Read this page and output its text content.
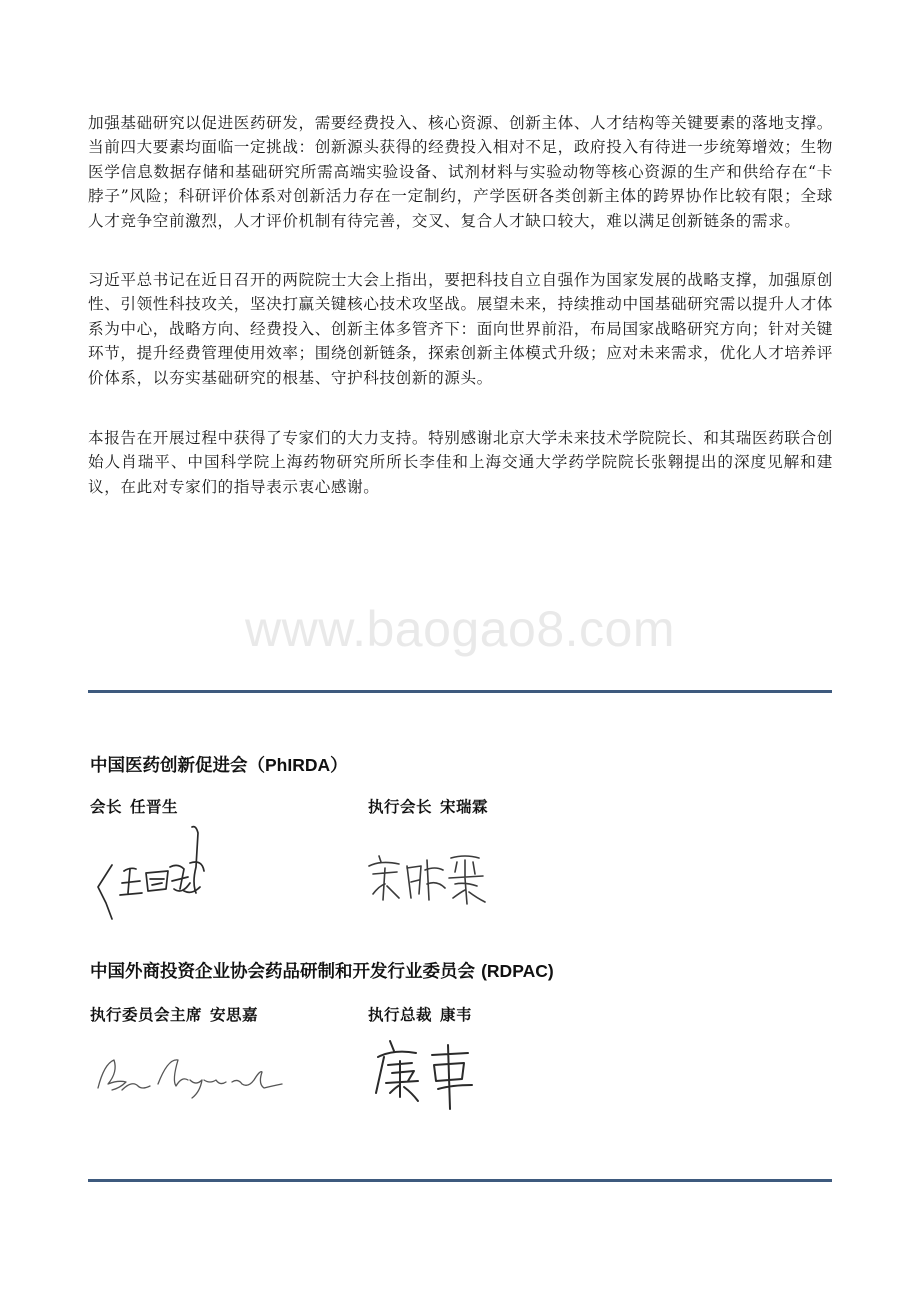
加强基础研究以促进医药研发，需要经费投入、核心资源、创新主体、人才结构等关键要素的落地支撑。当前四大要素均面临一定挑战：创新源头获得的经费投入相对不足，政府投入有待进一步统筹增效；生物医学信息数据存储和基础研究所需高端实验设备、试剂材料与实验动物等核心资源的生产和供给存在“卡脖子”风险；科研评价体系对创新活力存在一定制约，产学医研各类创新主体的跨界协作比较有限；全球人才竞争空前激烈，人才评价机制有待完善，交叉、复合人才缺口较大，难以满足创新链条的需求。

习近平总书记在近日召开的两院院士大会上指出，要把科技自立自强作为国家发展的战略支撑，加强原创性、引领性科技攻关，坚决打赢关键核心技术攻坚战。展望未来，持续推动中国基础研究需以提升人才体系为中心，战略方向、经费投入、创新主体多管齐下：面向世界前沿，布局国家战略研究方向；针对关键环节，提升经费管理使用效率；围绕创新链条，探索创新主体模式升级；应对未来需求，优化人才培养评价体系，以夯实基础研究的根基、守护科技创新的源头。

本报告在开展过程中获得了专家们的大力支持。特别感谢北京大学未来技术学院院长、和其瑞医药联合创始人肖瑞平、中国科学院上海药物研究所所长李佳和上海交通大学药学院院长张翱提出的深度见解和建议，在此对专家们的指导表示衷心感谢。

www.baogao8.com

中国医药创新促进会（PhIRDA）

会长 任晋生	执行会长 宋瑞霖

中国外商投资企业协会药品研制和开发行业委员会 (RDPAC)

执行委员会主席 安思嘉	执行总裁 康韦
